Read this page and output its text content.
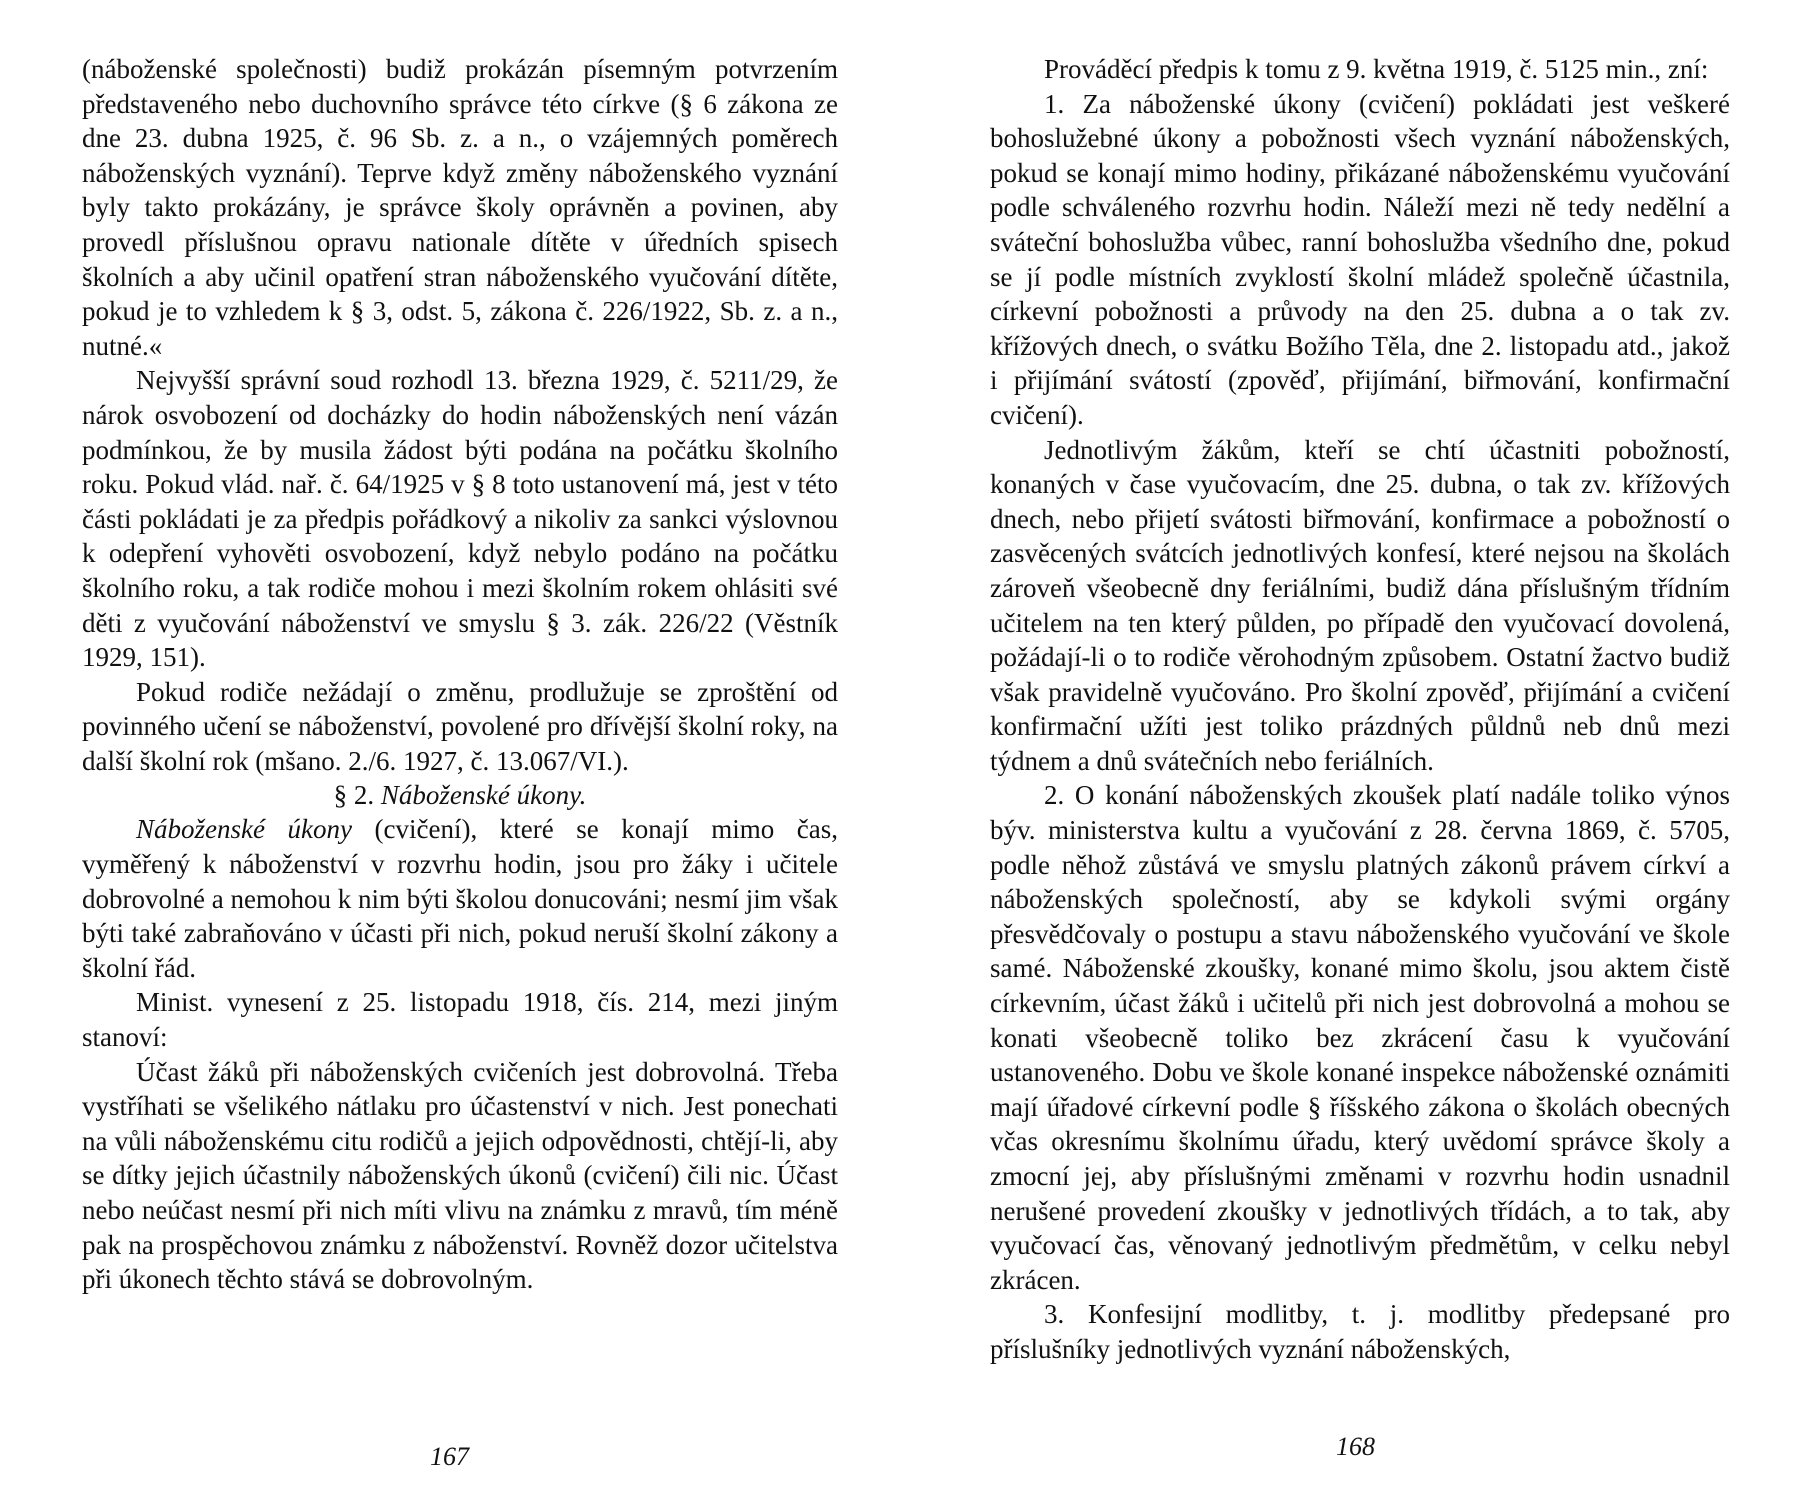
(náboženské společnosti) budiž prokázán písemným potvrzením představeného nebo duchovního správce této církve (§ 6 zákona ze dne 23. dubna 1925, č. 96 Sb. z. a n., o vzájemných poměrech náboženských vyznání). Teprve když změny náboženského vyznání byly takto prokázány, je správce školy oprávněn a povinen, aby provedl příslušnou opravu nationale dítěte v úředních spisech školních a aby učinil opatření stran náboženského vyučování dítěte, pokud je to vzhledem k § 3, odst. 5, zákona č. 226/1922, Sb. z. a n., nutné.«

Nejvyšší správní soud rozhodl 13. března 1929, č. 5211/29, že nárok osvobození od docházky do hodin náboženských není vázán podmínkou, že by musila žádost býti podána na počátku školního roku. Pokud vlád. nař. č. 64/1925 v § 8 toto ustanovení má, jest v této části pokládati je za předpis pořádkový a nikoliv za sankci výslovnou k odepření vyhověti osvobození, když nebylo podáno na počátku školního roku, a tak rodiče mohou i mezi školním rokem ohlásiti své děti z vyučování náboženství ve smyslu § 3. zák. 226/22 (Věstník 1929, 151).

Pokud rodiče nežádají o změnu, prodlužuje se zproštění od povinného učení se náboženství, povolené pro dřívější školní roky, na další školní rok (mšano. 2./6. 1927, č. 13.067/VI.).

§ 2. Náboženské úkony.

Náboženské úkony (cvičení), které se konají mimo čas, vyměřený k náboženství v rozvrhu hodin, jsou pro žáky i učitele dobrovolné a nemohou k nim býti školou donucováni; nesmí jim však býti také zabraňováno v účasti při nich, pokud neruší školní zákony a školní řád.

Minist. vynesení z 25. listopadu 1918, čís. 214, mezi jiným stanoví:

Účast žáků při náboženských cvičeních jest dobrovolná. Třeba vystříhati se všelikého nátlaku pro účastenství v nich. Jest ponechati na vůli náboženskému citu rodičů a jejich odpovědnosti, chtějí-li, aby se dítky jejich účastnily náboženských úkonů (cvičení) čili nic. Účast nebo neúčast nesmí při nich míti vlivu na známku z mravů, tím méně pak na prospěchovou známku z náboženství. Rovněž dozor učitelstva při úkonech těchto stává se dobrovolným.

167

Prováděcí předpis k tomu z 9. května 1919, č. 5125 min., zní:

1. Za náboženské úkony (cvičení) pokládati jest veškeré bohoslužebné úkony a pobožnosti všech vyznání náboženských, pokud se konají mimo hodiny, přikázané náboženskému vyučování podle schváleného rozvrhu hodin. Náleží mezi ně tedy nedělní a sváteční bohoslužba vůbec, ranní bohoslužba všedního dne, pokud se jí podle místních zvyklostí školní mládež společně účastnila, církevní pobožnosti a průvody na den 25. dubna a o tak zv. křížových dnech, o svátku Božího Těla, dne 2. listopadu atd., jakož i přijímání svátostí (zpověď, přijímání, biřmování, konfirmační cvičení).

Jednotlivým žákům, kteří se chtí účastniti pobožností, konaných v čase vyučovacím, dne 25. dubna, o tak zv. křížových dnech, nebo přijetí svátosti biřmování, konfirmace a pobožností o zasvěcených svátcích jednotlivých konfesí, které nejsou na školách zároveň všeobecně dny feriálními, budiž dána příslušným třídním učitelem na ten který půlden, po případě den vyučovací dovolená, požádají-li o to rodiče věrohodným způsobem. Ostatní žactvo budiž však pravidelně vyučováno. Pro školní zpověď, přijímání a cvičení konfirmační užíti jest toliko prázdných půldnů neb dnů mezi týdnem a dnů svátečních nebo feriálních.

2. O konání náboženských zkoušek platí nadále toliko výnos býv. ministerstva kultu a vyučování z 28. června 1869, č. 5705, podle něhož zůstává ve smyslu platných zákonů právem církví a náboženských společností, aby se kdykoli svými orgány přesvědčovaly o postupu a stavu náboženského vyučování ve škole samé. Náboženské zkoušky, konané mimo školu, jsou aktem čistě církevním, účast žáků i učitelů při nich jest dobrovolná a mohou se konati všeobecně toliko bez zkrácení času k vyučování ustanoveného. Dobu ve škole konané inspekce náboženské oznámiti mají úřadové církevní podle § říšského zákona o školách obecných včas okresnímu školnímu úřadu, který uvědomí správce školy a zmocní jej, aby příslušnými změnami v rozvrhu hodin usnadnil nerušené provedení zkoušky v jednotlivých třídách, a to tak, aby vyučovací čas, věnovaný jednotlivým předmětům, v celku nebyl zkrácen.

3. Konfesijní modlitby, t. j. modlitby předepsané pro příslušníky jednotlivých vyznání náboženských,

168
